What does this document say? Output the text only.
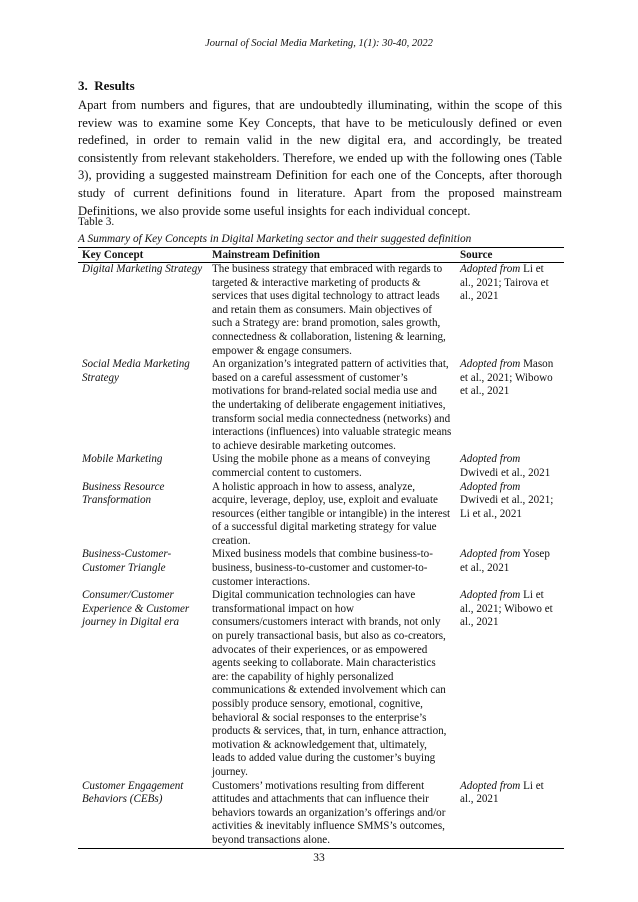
Journal of Social Media Marketing, 1(1): 30-40, 2022
3.  Results

Apart from numbers and figures, that are undoubtedly illuminating, within the scope of this review was to examine some Key Concepts, that have to be meticulously defined or even redefined, in order to remain valid in the new digital era, and accordingly, be treated consistently from relevant stakeholders. Therefore, we ended up with the following ones (Table 3), providing a suggested mainstream Definition for each one of the Concepts, after thorough study of current definitions found in literature. Apart from the proposed mainstream Definitions, we also provide some useful insights for each individual concept.

Table 3.
A Summary of Key Concepts in Digital Marketing sector and their suggested definition
Key Concept	Mainstream Definition	Source
Digital Marketing Strategy	The business strategy that embraced with regards to targeted & interactive marketing of products & services that uses digital technology to attract leads and retain them as consumers. Main objectives of such a Strategy are: brand promotion, sales growth, connectedness & collaboration, listening & learning, empower & engage consumers.	Adopted from Li et al., 2021; Tairova et al., 2021
Social Media Marketing Strategy	An organization’s integrated pattern of activities that, based on a careful assessment of customer’s motivations for brand-related social media use and the undertaking of deliberate engagement initiatives, transform social media connectedness (networks) and interactions (influences) into valuable strategic means to achieve desirable marketing outcomes.	Adopted from Mason et al., 2021; Wibowo et al., 2021
Mobile Marketing	Using the mobile phone as a means of conveying commercial content to customers.	Adopted from Dwivedi et al., 2021
Business Resource Transformation	A holistic approach in how to assess, analyze, acquire, leverage, deploy, use, exploit and evaluate resources (either tangible or intangible) in the interest of a successful digital marketing strategy for value creation.	Adopted from Dwivedi et al., 2021; Li et al., 2021
Business-Customer-Customer Triangle	Mixed business models that combine business-to-business, business-to-customer and customer-to-customer interactions.	Adopted from Yosep et al., 2021
Consumer/Customer Experience & Customer journey in Digital era	Digital communication technologies can have transformational impact on how consumers/customers interact with brands, not only on purely transactional basis, but also as co-creators, advocates of their experiences, or as empowered agents seeking to collaborate. Main characteristics are: the capability of highly personalized communications & extended involvement which can possibly produce sensory, emotional, cognitive, behavioral & social responses to the enterprise’s products & services, that, in turn, enhance attraction, motivation & acknowledgement that, ultimately, leads to added value during the customer’s buying journey.	Adopted from Li et al., 2021; Wibowo et al., 2021
Customer Engagement Behaviors (CEBs)	Customers’ motivations resulting from different attitudes and attachments that can influence their behaviors towards an organization’s offerings and/or activities & inevitably influence SMMS’s outcomes, beyond transactions alone.	Adopted from Li et al., 2021
33
